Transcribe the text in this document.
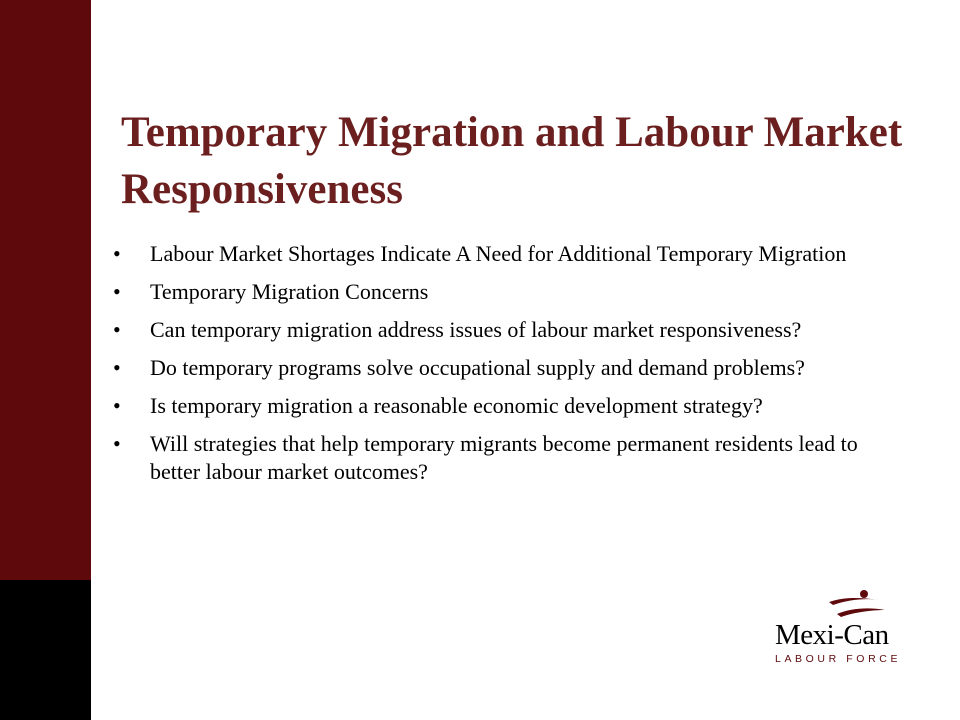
Temporary Migration and Labour Market Responsiveness
• Labour Market Shortages Indicate A Need for Additional Temporary Migration
• Temporary Migration Concerns
• Can temporary migration address issues of labour market responsiveness?
• Do temporary programs solve occupational supply and demand problems?
• Is temporary migration a reasonable economic development strategy?
• Will strategies that help temporary migrants become permanent residents lead to better labour market outcomes?
Mexi-Can
LABOUR FORCE
